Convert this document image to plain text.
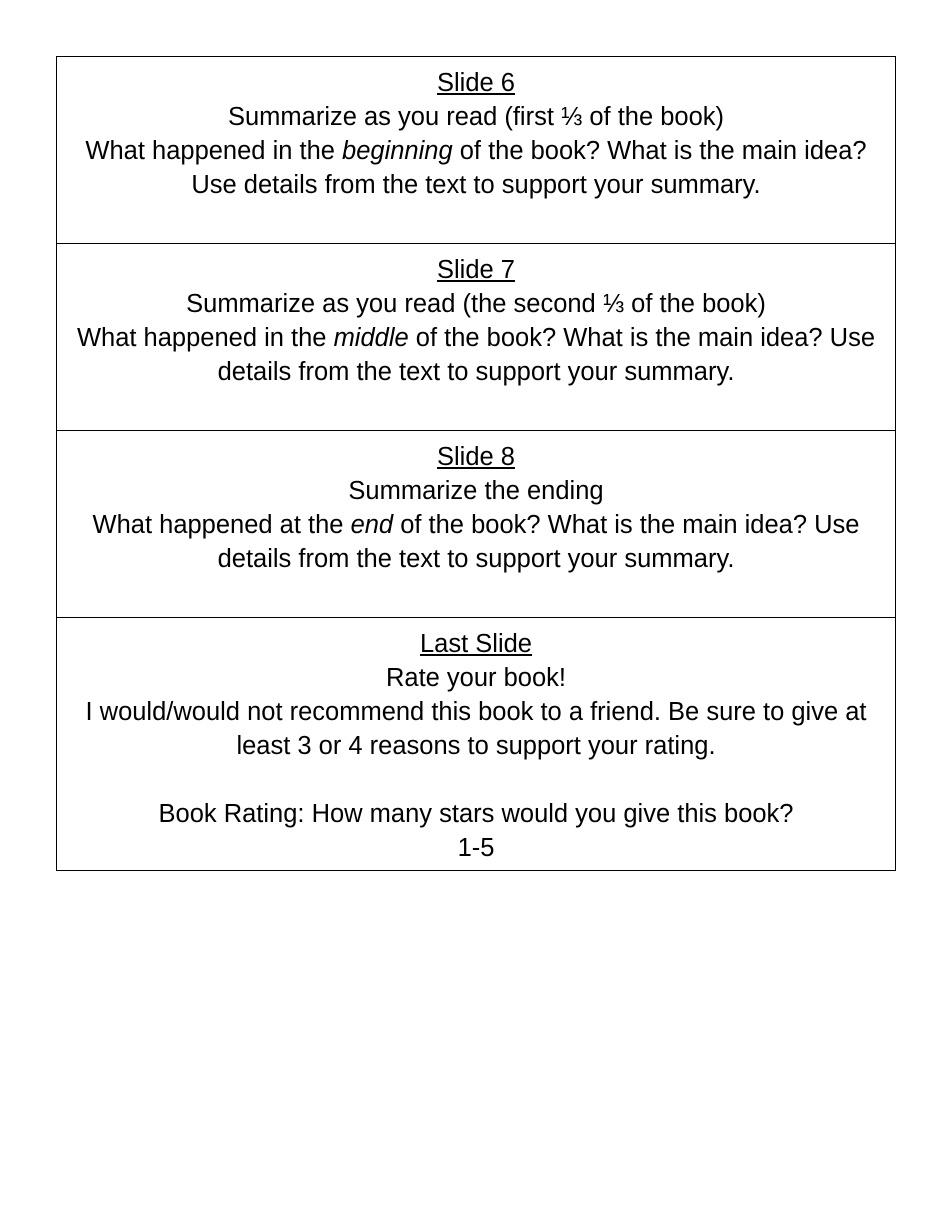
Slide 6
Summarize as you read (first ⅓ of the book)
What happened in the beginning of the book? What is the main idea? Use details from the text to support your summary.
Slide 7
Summarize as you read (the second ⅓ of the book)
What happened in the middle of the book? What is the main idea? Use details from the text to support your summary.
Slide 8
Summarize the ending
What happened at the end of the book? What is the main idea? Use details from the text to support your summary.
Last Slide
Rate your book!
I would/would not recommend this book to a friend. Be sure to give at least 3 or 4 reasons to support your rating.
Book Rating: How many stars would you give this book?
1-5
